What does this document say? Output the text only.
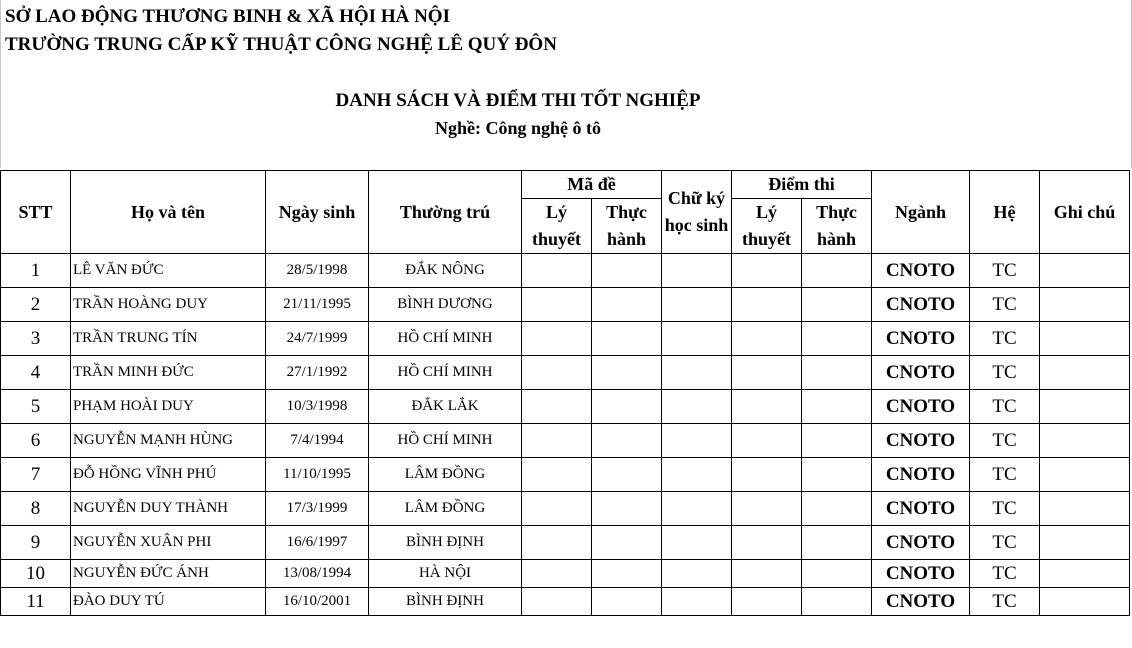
SỞ LAO ĐỘNG THƯƠNG BINH & XÃ HỘI HÀ NỘI
TRƯỜNG TRUNG CẤP KỸ THUẬT CÔNG NGHỆ LÊ QUÝ ĐÔN
DANH SÁCH VÀ ĐIỂM THI TỐT NGHIỆP
Nghề: Công nghệ ô tô
STT	Họ và tên	Ngày sinh	Thường trú	Mã đề		Chữ ký học sinh	Điểm thi		Ngành	Hệ	Ghi chú
				Lý thuyết	Thực hành		Lý thuyết	Thực hành			
1	LÊ VĂN ĐỨC	28/5/1998	ĐẮK NÔNG						CNOTO	TC	
2	TRẦN HOÀNG DUY	21/11/1995	BÌNH DƯƠNG						CNOTO	TC	
3	TRẦN TRUNG TÍN	24/7/1999	HỒ CHÍ MINH						CNOTO	TC	
4	TRẦN MINH ĐỨC	27/1/1992	HỒ CHÍ MINH						CNOTO	TC	
5	PHẠM HOÀI DUY	10/3/1998	ĐẮK LẮK						CNOTO	TC	
6	NGUYỄN MẠNH HÙNG	7/4/1994	HỒ CHÍ MINH						CNOTO	TC	
7	ĐỖ HỒNG VĨNH PHÚ	11/10/1995	LÂM ĐỒNG						CNOTO	TC	
8	NGUYỄN DUY THÀNH	17/3/1999	LÂM ĐỒNG						CNOTO	TC	
9	NGUYỄN XUÂN PHI	16/6/1997	BÌNH ĐỊNH						CNOTO	TC	
10	NGUYỄN ĐỨC ÁNH	13/08/1994	HÀ NỘI						CNOTO	TC	
11	ĐÀO DUY TÚ	16/10/2001	BÌNH ĐỊNH						CNOTO	TC	
